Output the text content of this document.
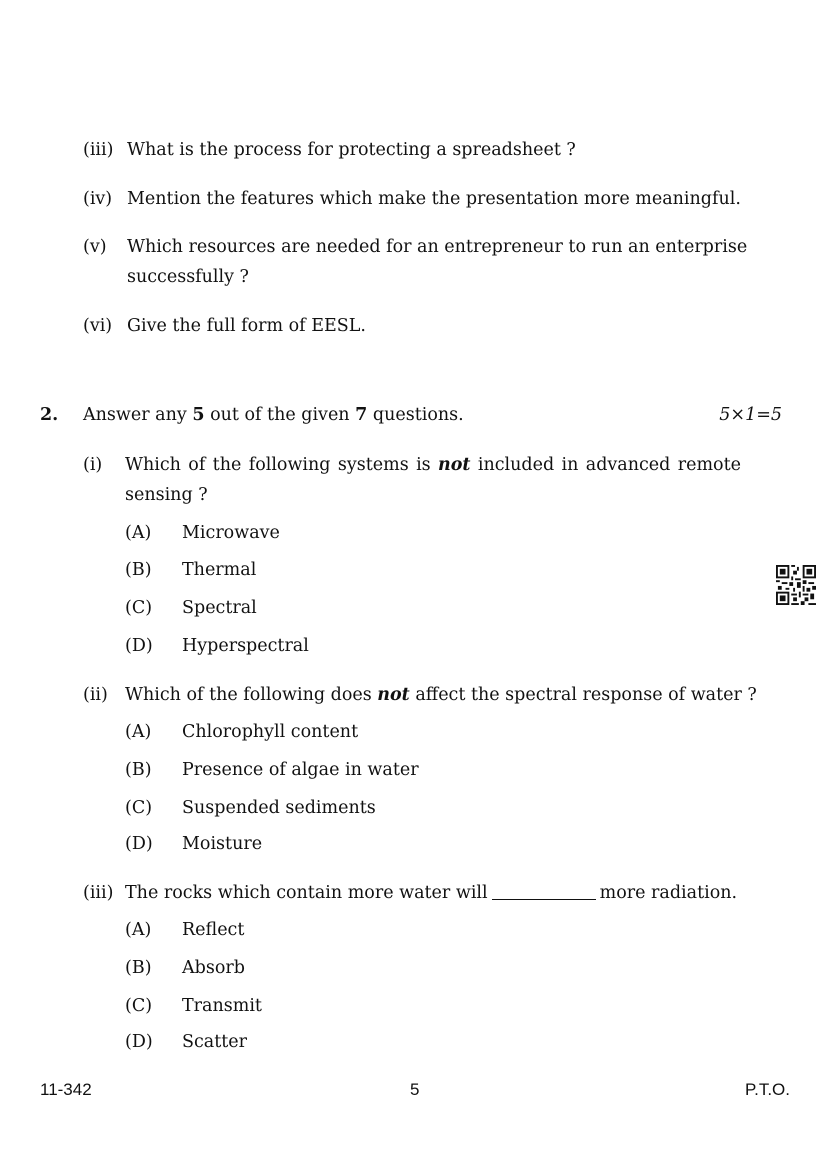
(iii) What is the process for protecting a spreadsheet ?
(iv) Mention the features which make the presentation more meaningful.
(v) Which resources are needed for an entrepreneur to run an enterprise
successfully ?
(vi) Give the full form of EESL.
2. Answer any 5 out of the given 7 questions.	5×1=5
(i) Which of the following systems is not included in advanced remote
sensing ?
(A) Microwave
(B) Thermal
(C) Spectral
(D) Hyperspectral
(ii) Which of the following does not affect the spectral response of water ?
(A) Chlorophyll content
(B) Presence of algae in water
(C) Suspended sediments
(D) Moisture
(iii) The rocks which contain more water will	more radiation.
(A) Reflect
(B) Absorb
(C) Transmit
(D) Scatter
11-342	5	P.T.O.
